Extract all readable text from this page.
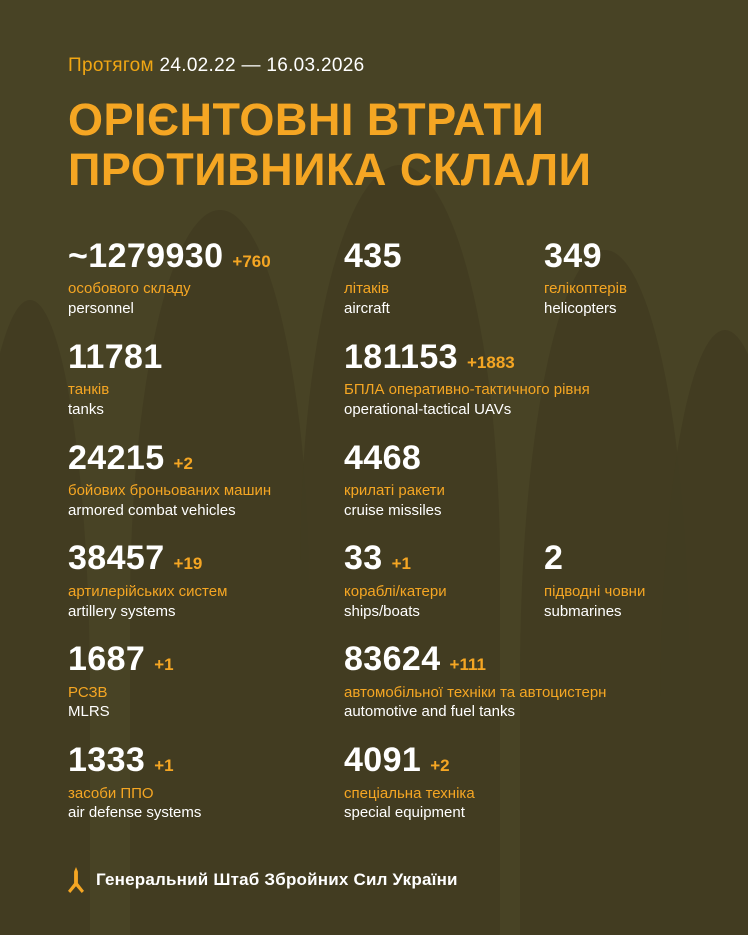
Протягом 24.02.22 — 16.03.2026
ОРІЄНТОВНІ ВТРАТИ
ПРОТИВНИКА СКЛАЛИ
~1279930 +760
особового складу
personnel
435
літаків
aircraft
349
гелікоптерів
helicopters
11781
танків
tanks
181153 +1883
БПЛА оперативно-тактичного рівня
operational-tactical UAVs
24215 +2
бойових броньованих машин
armored combat vehicles
4468
крилаті ракети
cruise missiles
38457 +19
артилерійських систем
artillery systems
33 +1
кораблі/катери
ships/boats
2
підводні човни
submarines
1687 +1
РСЗВ
MLRS
83624 +111
автомобільної техніки та автоцистерн
automotive and fuel tanks
1333 +1
засоби ППО
air defense systems
4091 +2
спеціальна техніка
special equipment
Генеральний Штаб Збройних Сил України
